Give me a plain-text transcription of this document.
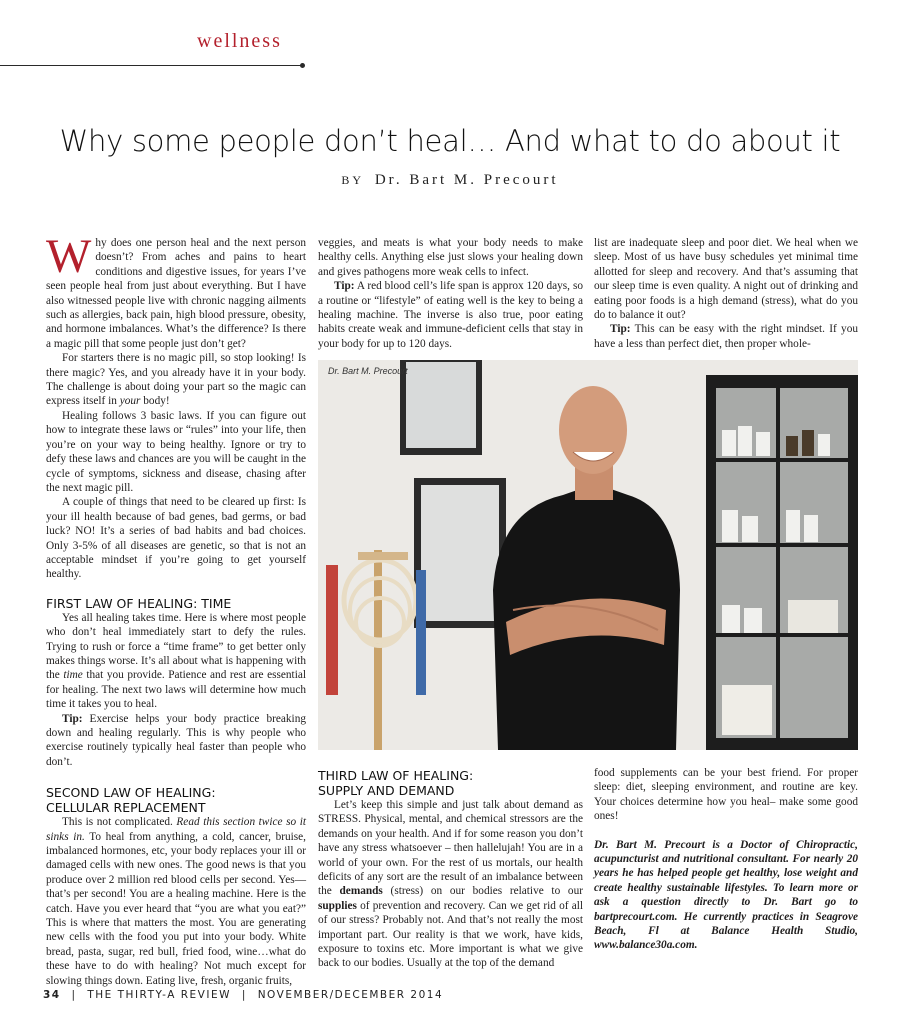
wellness
Why some people don’t heal… And what to do about it
BY Dr. Bart M. Precourt

Why does one person heal and the next person doesn’t? From aches and pains to heart conditions and digestive issues, for years I’ve seen people heal from just about everything. But I have also witnessed people live with chronic nagging ailments such as allergies, back pain, high blood pressure, obesity, and hormone imbalances. What’s the difference? Is there a magic pill that some people just don’t get?

For starters there is no magic pill, so stop looking! Is there magic? Yes, and you already have it in your body. The challenge is about doing your part so the magic can express itself in your body!

Healing follows 3 basic laws. If you can figure out how to integrate these laws or “rules” into your life, then you’re on your way to being healthy. Ignore or try to defy these laws and chances are you will be caught in the cycle of symptoms, sickness and disease, chasing after the next magic pill.

A couple of things that need to be cleared up first: Is your ill health because of bad genes, bad germs, or bad luck? NO! It’s a series of bad habits and bad choices. Only 3-5% of all diseases are genetic, so that is not an acceptable mindset if you’re going to get yourself healthy.

FIRST LAW OF HEALING: TIME

Yes all healing takes time. Here is where most people who don’t heal immediately start to defy the rules. Trying to rush or force a “time frame” to get better only makes things worse. It’s all about what is happening with the time that you provide. Patience and rest are essential for healing. The next two laws will determine how much time it takes you to heal.

Tip: Exercise helps your body practice breaking down and healing regularly. This is why people who exercise routinely typically heal faster than people who don’t.

SECOND LAW OF HEALING:
CELLULAR REPLACEMENT

This is not complicated. Read this section twice so it sinks in. To heal from anything, a cold, cancer, bruise, imbalanced hormones, etc, your body replaces your ill or damaged cells with new ones. The good news is that you produce over 2 million red blood cells per second. Yes—that’s per second! You are a healing machine. Here is the catch. Have you ever heard that “you are what you eat?” This is where that matters the most. You are generating new cells with the food you put into your body. White bread, pasta, sugar, red bull, fried food, wine…what do these have to do with healing? Not much except for slowing things down. Eating live, fresh, organic fruits,

veggies, and meats is what your body needs to make healthy cells. Anything else just slows your healing down and gives pathogens more weak cells to infect.

Tip: A red blood cell’s life span is approx 120 days, so a routine or “lifestyle” of eating well is the key to being a healing machine. The inverse is also true, poor eating habits create weak and immune-deficient cells that stay in your body for up to 120 days.

list are inadequate sleep and poor diet. We heal when we sleep. Most of us have busy schedules yet minimal time allotted for sleep and recovery. And that’s assuming that our sleep time is even quality. A night out of drinking and eating poor foods is a high demand (stress), what do you do to balance it out?

Tip: This can be easy with the right mindset. If you have a less than perfect diet, then proper whole-

Dr. Bart M. Precourt
THIRD LAW OF HEALING:
SUPPLY AND DEMAND

Let’s keep this simple and just talk about demand as STRESS. Physical, mental, and chemical stressors are the demands on your health. And if for some reason you don’t have any stress whatsoever – then hallelujah! You are in a world of your own. For the rest of us mortals, our health deficits of any sort are the result of an imbalance between the demands (stress) on our bodies relative to our supplies of prevention and recovery. Can we get rid of all of our stress? Probably not. And that’s not really the most important part. Our reality is that we work, have kids, exposure to toxins etc. More important is what we give back to our bodies. Usually at the top of the demand

food supplements can be your best friend. For proper sleep: diet, sleeping environment, and routine are key. Your choices determine how you heal– make some good ones!

Dr. Bart M. Precourt is a Doctor of Chiropractic, acupuncturist and nutritional consultant. For nearly 20 years he has helped people get healthy, lose weight and create healthy sustainable lifestyles. To learn more or ask a question directly to Dr. Bart go to bartprecourt.com. He currently practices in Seagrove Beach, Fl at Balance Health Studio, www.balance30a.com.

34 | THE THIRTY-A REVIEW | NOVEMBER/DECEMBER 2014
